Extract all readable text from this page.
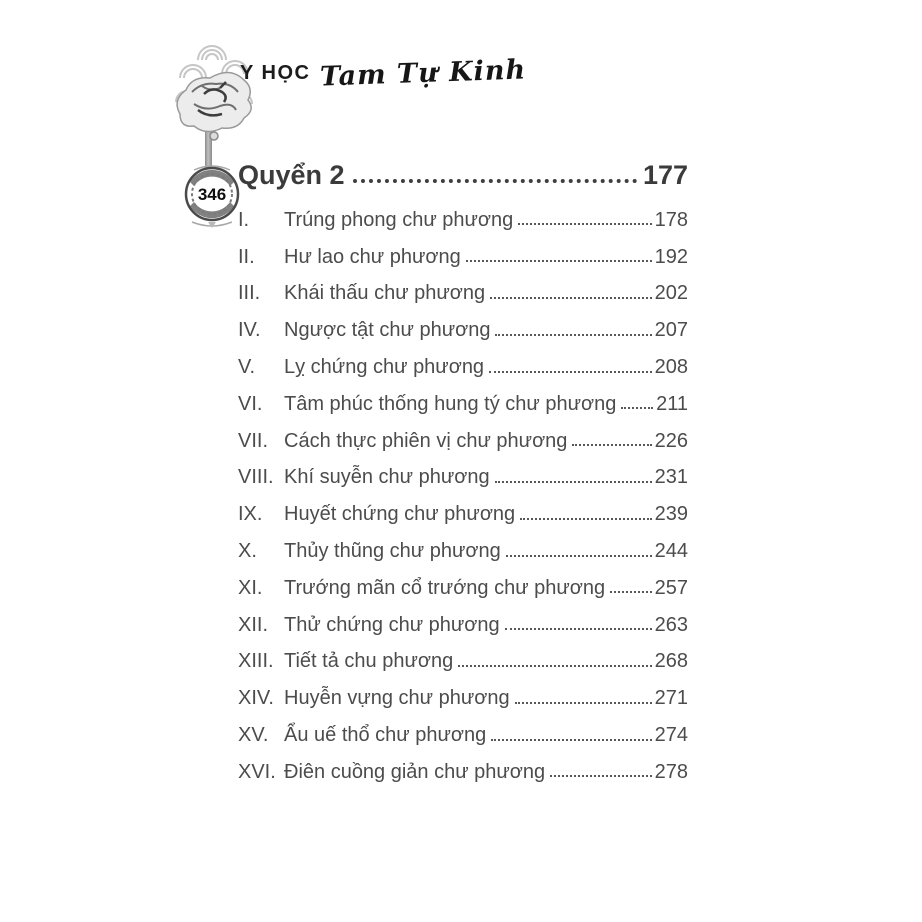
Y HỌC Tam Tự Kinh
346
Quyển 2	177
I.	Trúng phong chư phương	178
II.	Hư lao chư phương	192
III.	Khái thấu chư phương	202
IV.	Ngược tật chư phương	207
V.	Lỵ chứng chư phương	208
VI.	Tâm phúc thống hung tý chư phương 211
VII. Cách thực phiên vị chư phương	226
VIII. Khí suyễn chư phương	231
IX.	Huyết chứng chư phương	239
X.	Thủy thũng chư phương	244
XI.	Trướng mãn cổ trướng chư phương 257
XII. Thử chứng chư phương	263
XIII. Tiết tả chu phương	268
XIV. Huyễn vựng chư phương	271
XV. Ẩu uế thổ chư phương	274
XVI. Điên cuồng giản chư phương	278
